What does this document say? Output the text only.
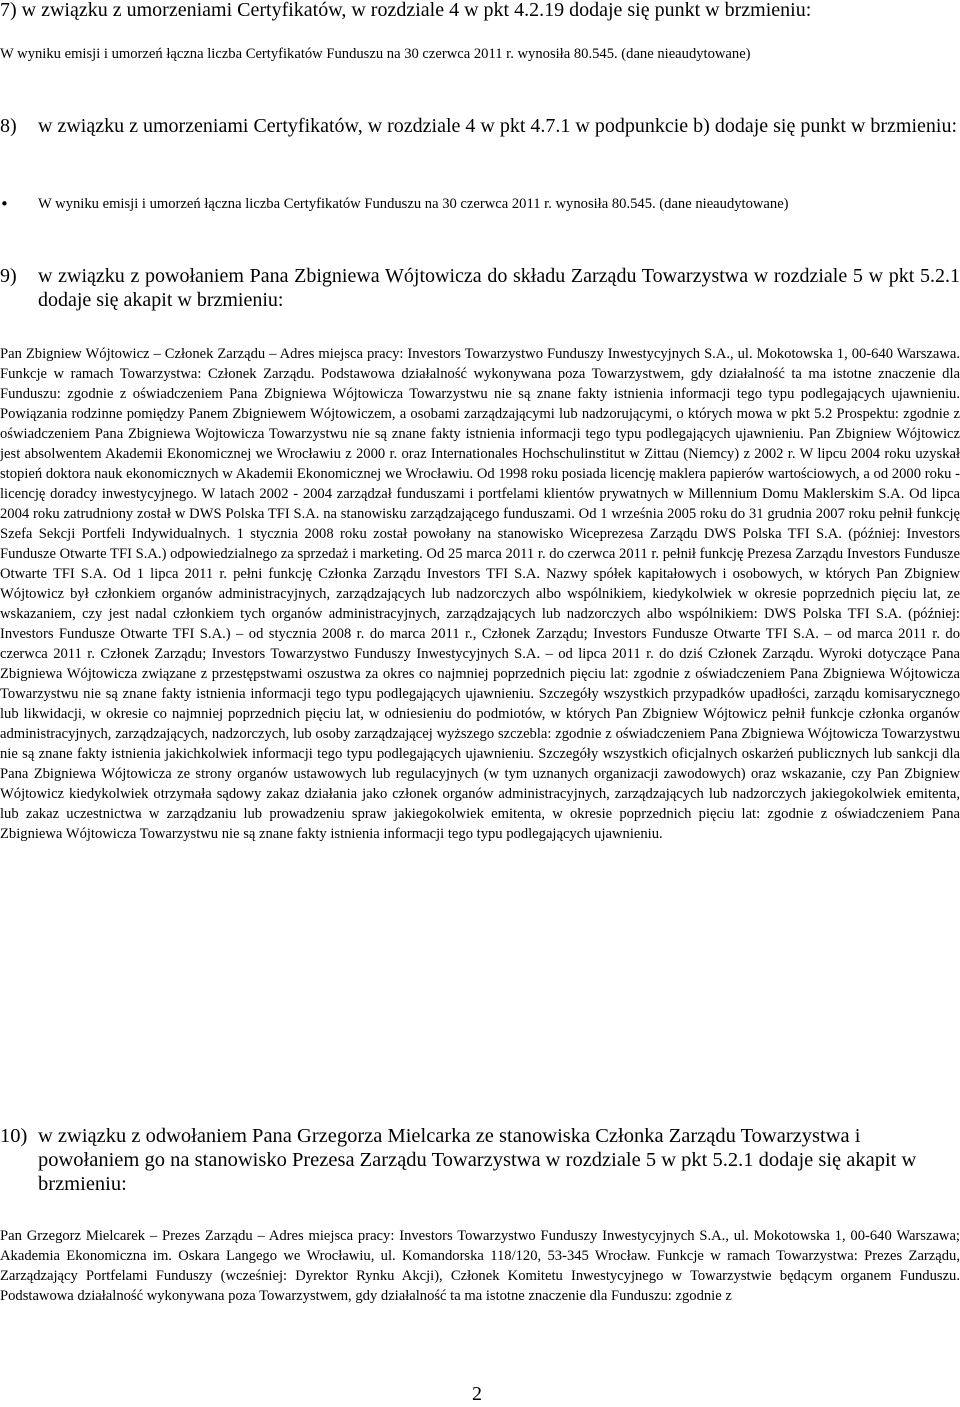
7) w związku z umorzeniami Certyfikatów, w rozdziale 4 w pkt 4.2.19 dodaje się punkt w brzmieniu:

W wyniku emisji i umorzeń łączna liczba Certyfikatów Funduszu na 30 czerwca 2011 r. wynosiła 80.545. (dane nieaudytowane)

8)	w związku z umorzeniami Certyfikatów, w rozdziale 4 w pkt 4.7.1 w podpunkcie b) dodaje się punkt w brzmieniu:
• W wyniku emisji i umorzeń łączna liczba Certyfikatów Funduszu na 30 czerwca 2011 r. wynosiła 80.545. (dane nieaudytowane)

9)	w związku z powołaniem Pana Zbigniewa Wójtowicza do składu Zarządu Towarzystwa w rozdziale 5 w pkt 5.2.1 dodaje się akapit w brzmieniu:

Pan Zbigniew Wójtowicz – Członek Zarządu – Adres miejsca pracy: Investors Towarzystwo Funduszy Inwestycyjnych S.A., ul. Mokotowska 1, 00-640 Warszawa. Funkcje w ramach Towarzystwa: Członek Zarządu. Podstawowa działalność wykonywana poza Towarzystwem, gdy działalność ta ma istotne znaczenie dla Funduszu: zgodnie z oświadczeniem Pana Zbigniewa Wójtowicza Towarzystwu nie są znane fakty istnienia informacji tego typu podlegających ujawnieniu. Powiązania rodzinne pomiędzy Panem Zbigniewem Wójtowiczem, a osobami zarządzającymi lub nadzorującymi, o których mowa w pkt 5.2 Prospektu: zgodnie z oświadczeniem Pana Zbigniewa Wojtowicza Towarzystwu nie są znane fakty istnienia informacji tego typu podlegających ujawnieniu. Pan Zbigniew Wójtowicz jest absolwentem Akademii Ekonomicznej we Wrocławiu z 2000 r. oraz Internationales Hochschulinstitut w Zittau (Niemcy) z 2002 r. W lipcu 2004 roku uzyskał stopień doktora nauk ekonomicznych w Akademii Ekonomicznej we Wrocławiu. Od 1998 roku posiada licencję maklera papierów wartościowych, a od 2000 roku - licencję doradcy inwestycyjnego. W latach 2002 - 2004 zarządzał funduszami i portfelami klientów prywatnych w Millennium Domu Maklerskim S.A. Od lipca 2004 roku zatrudniony został w DWS Polska TFI S.A. na stanowisku zarządzającego funduszami. Od 1 września 2005 roku do 31 grudnia 2007 roku pełnił funkcję Szefa Sekcji Portfeli Indywidualnych. 1 stycznia 2008 roku został powołany na stanowisko Wiceprezesa Zarządu DWS Polska TFI S.A. (później: Investors Fundusze Otwarte TFI S.A.) odpowiedzialnego za sprzedaż i marketing. Od 25 marca 2011 r. do czerwca 2011 r. pełnił funkcję Prezesa Zarządu Investors Fundusze Otwarte TFI S.A. Od 1 lipca 2011 r. pełni funkcję Członka Zarządu Investors TFI S.A. Nazwy spółek kapitałowych i osobowych, w których Pan Zbigniew Wójtowicz był członkiem organów administracyjnych, zarządzających lub nadzorczych albo wspólnikiem, kiedykolwiek w okresie poprzednich pięciu lat, ze wskazaniem, czy jest nadal członkiem tych organów administracyjnych, zarządzających lub nadzorczych albo wspólnikiem: DWS Polska TFI S.A. (później: Investors Fundusze Otwarte TFI S.A.) – od stycznia 2008 r. do marca 2011 r., Członek Zarządu; Investors Fundusze Otwarte TFI S.A. – od marca 2011 r. do czerwca 2011 r. Członek Zarządu; Investors Towarzystwo Funduszy Inwestycyjnych S.A. – od lipca 2011 r. do dziś Członek Zarządu. Wyroki dotyczące Pana Zbigniewa Wójtowicza związane z przestępstwami oszustwa za okres co najmniej poprzednich pięciu lat: zgodnie z oświadczeniem Pana Zbigniewa Wójtowicza Towarzystwu nie są znane fakty istnienia informacji tego typu podlegających ujawnieniu. Szczegóły wszystkich przypadków upadłości, zarządu komisarycznego lub likwidacji, w okresie co najmniej poprzednich pięciu lat, w odniesieniu do podmiotów, w których Pan Zbigniew Wójtowicz pełnił funkcje członka organów administracyjnych, zarządzających, nadzorczych, lub osoby zarządzającej wyższego szczebla: zgodnie z oświadczeniem Pana Zbigniewa Wójtowicza Towarzystwu nie są znane fakty istnienia jakichkolwiek informacji tego typu podlegających ujawnieniu. Szczegóły wszystkich oficjalnych oskarżeń publicznych lub sankcji dla Pana Zbigniewa Wójtowicza ze strony organów ustawowych lub regulacyjnych (w tym uznanych organizacji zawodowych) oraz wskazanie, czy Pan Zbigniew Wójtowicz kiedykolwiek otrzymała sądowy zakaz działania jako członek organów administracyjnych, zarządzających lub nadzorczych jakiegokolwiek emitenta, lub zakaz uczestnictwa w zarządzaniu lub prowadzeniu spraw jakiegokolwiek emitenta, w okresie poprzednich pięciu lat: zgodnie z oświadczeniem Pana Zbigniewa Wójtowicza Towarzystwu nie są znane fakty istnienia informacji tego typu podlegających ujawnieniu.

10) w związku z odwołaniem Pana Grzegorza Mielcarka ze stanowiska Członka Zarządu Towarzystwa i powołaniem go na stanowisko Prezesa Zarządu Towarzystwa w rozdziale 5 w pkt 5.2.1 dodaje się akapit w brzmieniu:

Pan Grzegorz Mielcarek – Prezes Zarządu – Adres miejsca pracy: Investors Towarzystwo Funduszy Inwestycyjnych S.A., ul. Mokotowska 1, 00-640 Warszawa; Akademia Ekonomiczna im. Oskara Langego we Wrocławiu, ul. Komandorska 118/120, 53-345 Wrocław. Funkcje w ramach Towarzystwa: Prezes Zarządu, Zarządzający Portfelami Funduszy (wcześniej: Dyrektor Rynku Akcji), Członek Komitetu Inwestycyjnego w Towarzystwie będącym organem Funduszu. Podstawowa działalność wykonywana poza Towarzystwem, gdy działalność ta ma istotne znaczenie dla Funduszu: zgodnie z

2
